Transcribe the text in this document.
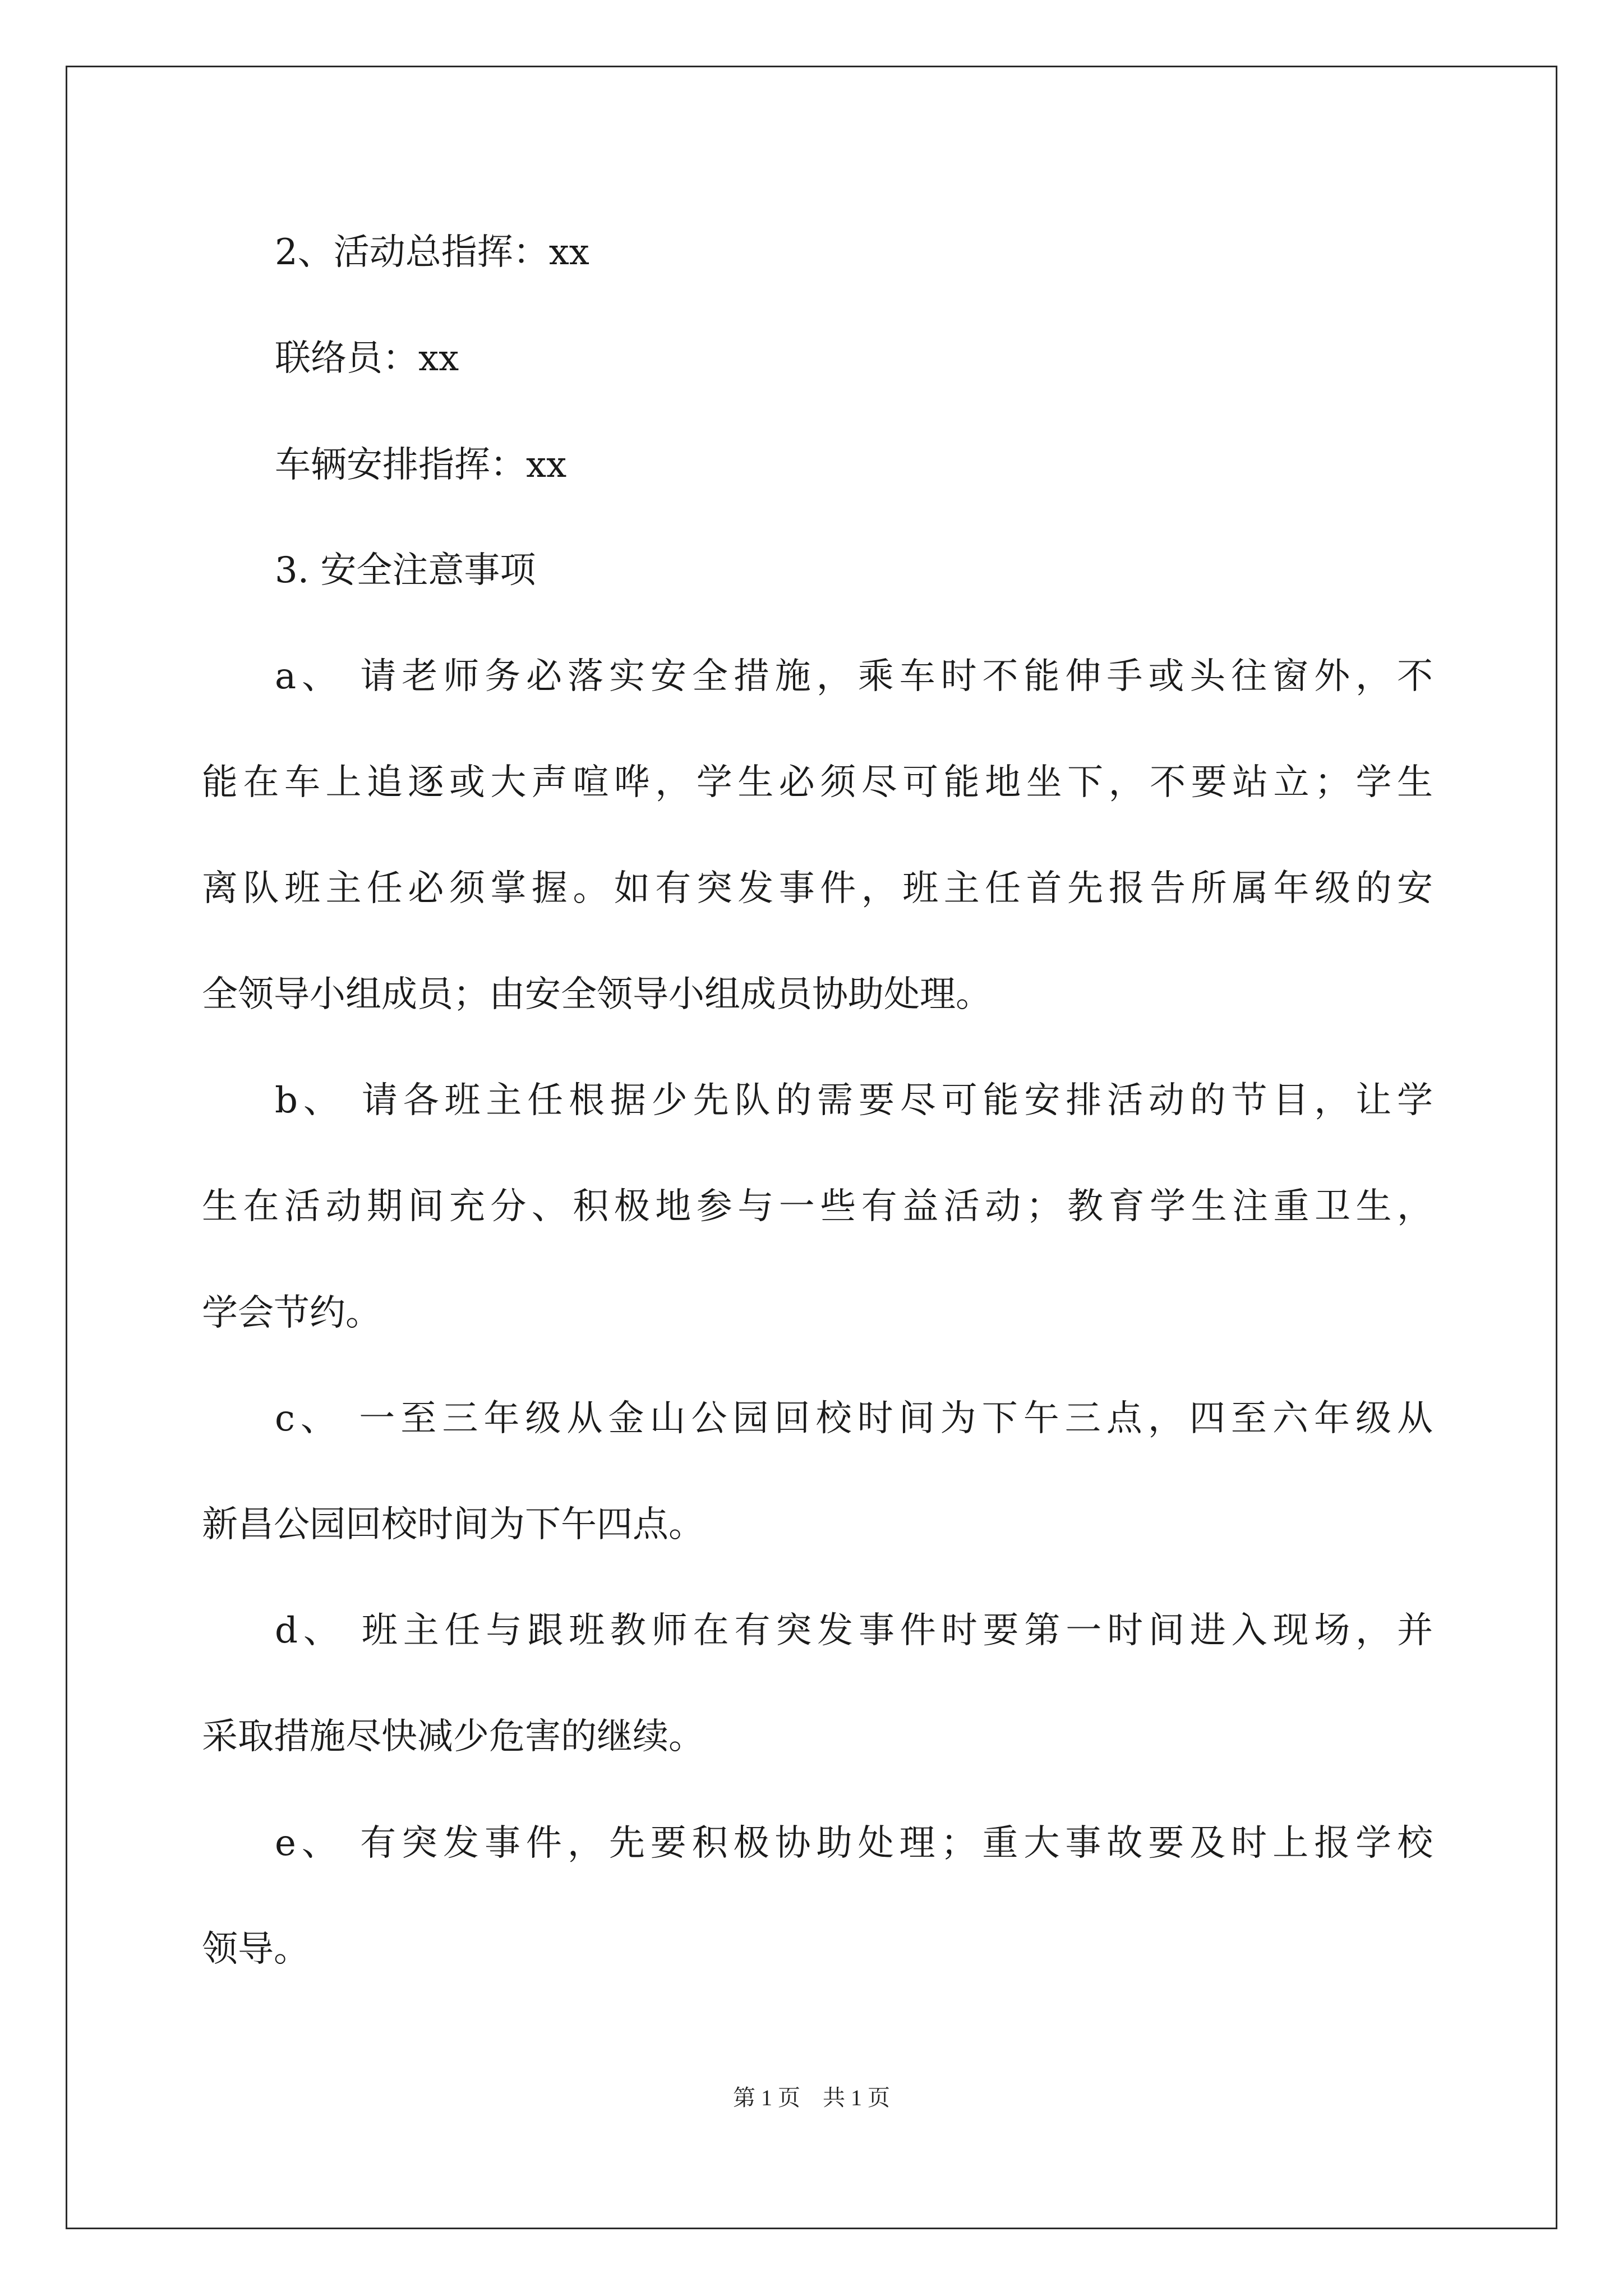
2、活动总指挥：xx
联络员：xx
车辆安排指挥：xx
3. 安全注意事项
a、 请老师务必落实安全措施，乘车时不能伸手或头往窗外，不
能在车上追逐或大声喧哗，学生必须尽可能地坐下，不要站立；学生
离队班主任必须掌握。如有突发事件，班主任首先报告所属年级的安
全领导小组成员；由安全领导小组成员协助处理。
b、 请各班主任根据少先队的需要尽可能安排活动的节目，让学
生在活动期间充分、积极地参与一些有益活动；教育学生注重卫生，
学会节约。
c、 一至三年级从金山公园回校时间为下午三点，四至六年级从
新昌公园回校时间为下午四点。
d、 班主任与跟班教师在有突发事件时要第一时间进入现场，并
采取措施尽快减少危害的继续。
e、 有突发事件，先要积极协助处理；重大事故要及时上报学校
领导。
第 1 页　共 1 页
